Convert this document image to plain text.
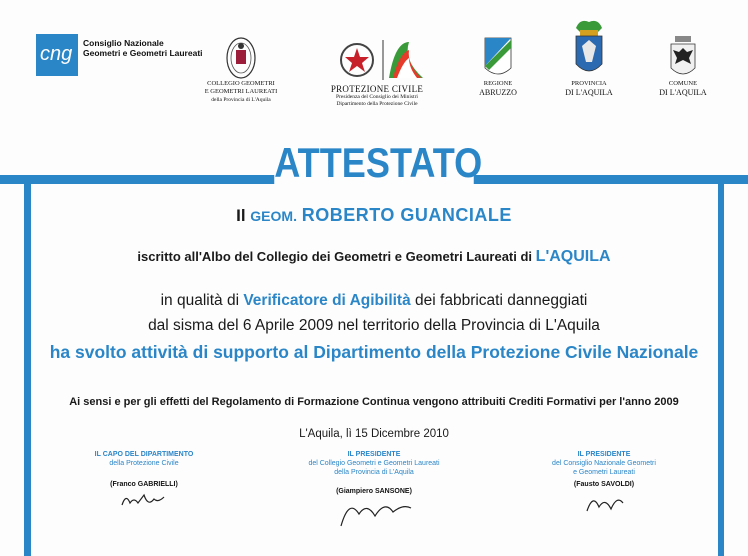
cng Consiglio Nazionale
Geometri e Geometri Laureati
COLLEGIO GEOMETRI
E GEOMETRI LAUREATI
della Provincia di L'Aquila
PROTEZIONE CIVILE
Presidenza del Consiglio dei Ministri
Dipartimento della Protezione Civile
REGIONE
ABRUZZO
PROVINCIA
DI L'AQUILA
COMUNE
DI L'AQUILA
ATTESTATO
Il GEOM. ROBERTO GUANCIALE
iscritto all'Albo del Collegio dei Geometri e Geometri Laureati di L'AQUILA
in qualità di Verificatore di Agibilità dei fabbricati danneggiati
dal sisma del 6 Aprile 2009 nel territorio della Provincia di L'Aquila
ha svolto attività di supporto al Dipartimento della Protezione Civile Nazionale
Ai sensi e per gli effetti del Regolamento di Formazione Continua vengono attribuiti Crediti Formativi per l'anno 2009
L'Aquila, lì 15 Dicembre 2010
IL CAPO DEL DIPARTIMENTO
della Protezione Civile
(Franco GABRIELLI)
IL PRESIDENTE
del Collegio Geometri e Geometri Laureati
della Provincia di L'Aquila
(Giampiero SANSONE)
IL PRESIDENTE
del Consiglio Nazionale Geometri
e Geometri Laureati
(Fausto SAVOLDI)
